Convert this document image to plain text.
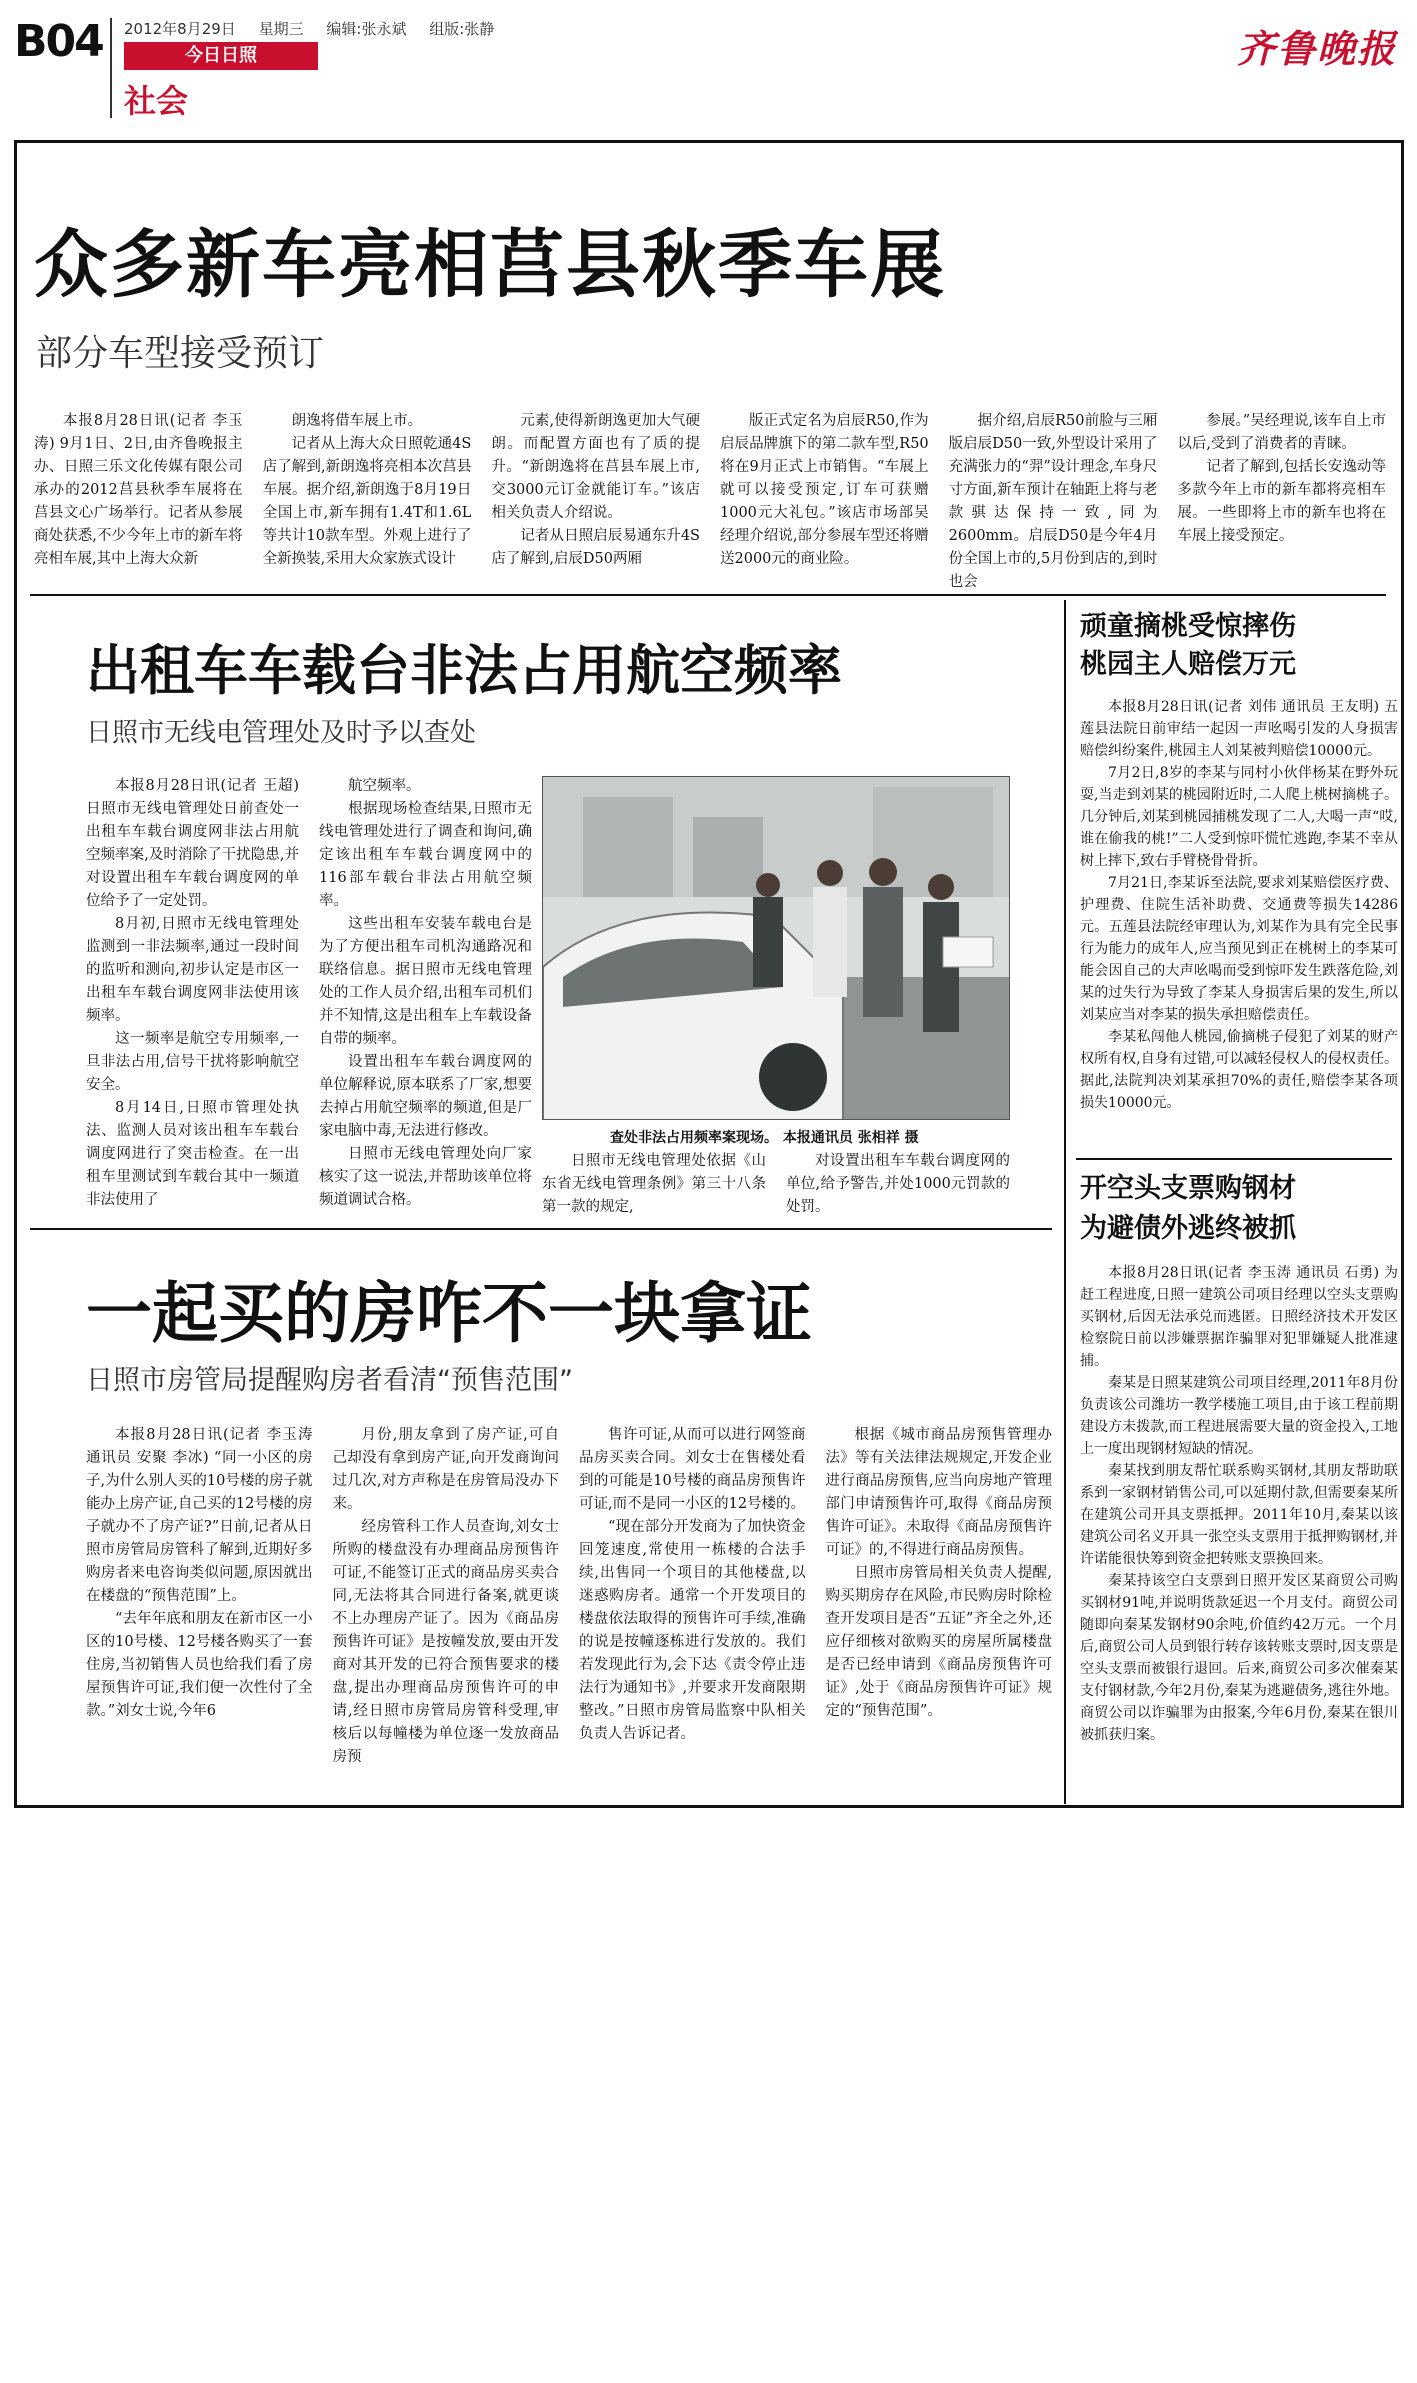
B04 2012年8月29日 星期三 编辑:张永斌 组版:张静
今日日照
社会
齐鲁晚报
众多新车亮相莒县秋季车展
部分车型接受预订

本报8月28日讯(记者 李玉涛) 9月1日、2日,由齐鲁晚报主办、日照三乐文化传媒有限公司承办的2012莒县秋季车展将在莒县文心广场举行。记者从参展商处获悉,不少今年上市的新车将亮相车展,其中上海大众新

朗逸将借车展上市。

记者从上海大众日照乾通4S店了解到,新朗逸将亮相本次莒县车展。据介绍,新朗逸于8月19日全国上市,新车拥有1.4T和1.6L等共计10款车型。外观上进行了全新换装,采用大众家族式设计

元素,使得新朗逸更加大气硬朗。而配置方面也有了质的提升。“新朗逸将在莒县车展上市,交3000元订金就能订车。”该店相关负责人介绍说。

记者从日照启辰易通东升4S店了解到,启辰D50两厢

版正式定名为启辰R50,作为启辰品牌旗下的第二款车型,R50将在9月正式上市销售。“车展上就可以接受预定,订车可获赠1000元大礼包。”该店市场部吴经理介绍说,部分参展车型还将赠送2000元的商业险。

据介绍,启辰R50前脸与三厢版启辰D50一致,外型设计采用了充满张力的“羿”设计理念,车身尺寸方面,新车预计在轴距上将与老款骐达保持一致,同为2600mm。启辰D50是今年4月份全国上市的,5月份到店的,到时也会

参展。”吴经理说,该车自上市以后,受到了消费者的青睐。

记者了解到,包括长安逸动等多款今年上市的新车都将亮相车展。一些即将上市的新车也将在车展上接受预定。

出租车车载台非法占用航空频率
日照市无线电管理处及时予以查处

本报8月28日讯(记者 王超) 日照市无线电管理处日前查处一出租车车载台调度网非法占用航空频率案,及时消除了干扰隐患,并对设置出租车车载台调度网的单位给予了一定处罚。

8月初,日照市无线电管理处监测到一非法频率,通过一段时间的监听和测向,初步认定是市区一出租车车载台调度网非法使用该频率。

这一频率是航空专用频率,一旦非法占用,信号干扰将影响航空安全。

8月14日,日照市管理处执法、监测人员对该出租车车载台调度网进行了突击检查。在一出租车里测试到车载台其中一频道非法使用了

航空频率。

根据现场检查结果,日照市无线电管理处进行了调查和询问,确定该出租车车载台调度网中的116部车载台非法占用航空频率。

这些出租车安装车载电台是为了方便出租车司机沟通路况和联络信息。据日照市无线电管理处的工作人员介绍,出租车司机们并不知情,这是出租车上车载设备自带的频率。

设置出租车车载台调度网的单位解释说,原本联系了厂家,想要去掉占用航空频率的频道,但是厂家电脑中毒,无法进行修改。

日照市无线电管理处向厂家核实了这一说法,并帮助该单位将频道调试合格。

日照市无线电管理处依据《山东省无线电管理条例》第三十八条第一款的规定,

对设置出租车车载台调度网的单位,给予警告,并处1000元罚款的处罚。

查处非法占用频率案现场。 本报通讯员 张相祥 摄
一起买的房咋不一块拿证
日照市房管局提醒购房者看清“预售范围”

本报8月28日讯(记者 李玉涛 通讯员 安聚 李冰) “同一小区的房子,为什么别人买的10号楼的房子就能办上房产证,自己买的12号楼的房子就办不了房产证?”日前,记者从日照市房管局房管科了解到,近期好多购房者来电咨询类似问题,原因就出在楼盘的“预售范围”上。

“去年年底和朋友在新市区一小区的10号楼、12号楼各购买了一套住房,当初销售人员也给我们看了房屋预售许可证,我们便一次性付了全款。”刘女士说,今年6

月份,朋友拿到了房产证,可自己却没有拿到房产证,向开发商询问过几次,对方声称是在房管局没办下来。

经房管科工作人员查询,刘女士所购的楼盘没有办理商品房预售许可证,不能签订正式的商品房买卖合同,无法将其合同进行备案,就更谈不上办理房产证了。因为《商品房预售许可证》是按幢发放,要由开发商对其开发的已符合预售要求的楼盘,提出办理商品房预售许可的申请,经日照市房管局房管科受理,审核后以每幢楼为单位逐一发放商品房预

售许可证,从而可以进行网签商品房买卖合同。刘女士在售楼处看到的可能是10号楼的商品房预售许可证,而不是同一小区的12号楼的。

“现在部分开发商为了加快资金回笼速度,常使用一栋楼的合法手续,出售同一个项目的其他楼盘,以迷惑购房者。通常一个开发项目的楼盘依法取得的预售许可手续,准确的说是按幢逐栋进行发放的。我们若发现此行为,会下达《责令停止违法行为通知书》,并要求开发商限期整改。”日照市房管局监察中队相关负责人告诉记者。

根据《城市商品房预售管理办法》等有关法律法规规定,开发企业进行商品房预售,应当向房地产管理部门申请预售许可,取得《商品房预售许可证》。未取得《商品房预售许可证》的,不得进行商品房预售。

日照市房管局相关负责人提醒,购买期房存在风险,市民购房时除检查开发项目是否“五证”齐全之外,还应仔细核对欲购买的房屋所属楼盘是否已经申请到《商品房预售许可证》,处于《商品房预售许可证》规定的“预售范围”。

顽童摘桃受惊摔伤
桃园主人赔偿万元

本报8月28日讯(记者 刘伟 通讯员 王友明) 五莲县法院日前审结一起因一声吆喝引发的人身损害赔偿纠纷案件,桃园主人刘某被判赔偿10000元。

7月2日,8岁的李某与同村小伙伴杨某在野外玩耍,当走到刘某的桃园附近时,二人爬上桃树摘桃子。几分钟后,刘某到桃园捕桃发现了二人,大喝一声“哎,谁在偷我的桃!”二人受到惊吓慌忙逃跑,李某不幸从树上摔下,致右手臂桡骨骨折。

7月21日,李某诉至法院,要求刘某赔偿医疗费、护理费、住院生活补助费、交通费等损失14286元。五莲县法院经审理认为,刘某作为具有完全民事行为能力的成年人,应当预见到正在桃树上的李某可能会因自己的大声吆喝而受到惊吓发生跌落危险,刘某的过失行为导致了李某人身损害后果的发生,所以刘某应当对李某的损失承担赔偿责任。

李某私闯他人桃园,偷摘桃子侵犯了刘某的财产权所有权,自身有过错,可以减轻侵权人的侵权责任。据此,法院判决刘某承担70%的责任,赔偿李某各项损失10000元。

开空头支票购钢材
为避债外逃终被抓

本报8月28日讯(记者 李玉涛 通讯员 石勇) 为赶工程进度,日照一建筑公司项目经理以空头支票购买钢材,后因无法承兑而逃匿。日照经济技术开发区检察院日前以涉嫌票据诈骗罪对犯罪嫌疑人批准逮捕。

秦某是日照某建筑公司项目经理,2011年8月份负责该公司潍坊一教学楼施工项目,由于该工程前期建设方未拨款,而工程进展需要大量的资金投入,工地上一度出现钢材短缺的情况。

秦某找到朋友帮忙联系购买钢材,其朋友帮助联系到一家钢材销售公司,可以延期付款,但需要秦某所在建筑公司开具支票抵押。2011年10月,秦某以该建筑公司名义开具一张空头支票用于抵押购钢材,并许诺能很快筹到资金把转账支票换回来。

秦某持该空白支票到日照开发区某商贸公司购买钢材91吨,并说明货款延迟一个月支付。商贸公司随即向秦某发钢材90余吨,价值约42万元。一个月后,商贸公司人员到银行转存该转账支票时,因支票是空头支票而被银行退回。后来,商贸公司多次催秦某支付钢材款,今年2月份,秦某为逃避债务,逃往外地。商贸公司以诈骗罪为由报案,今年6月份,秦某在银川被抓获归案。
